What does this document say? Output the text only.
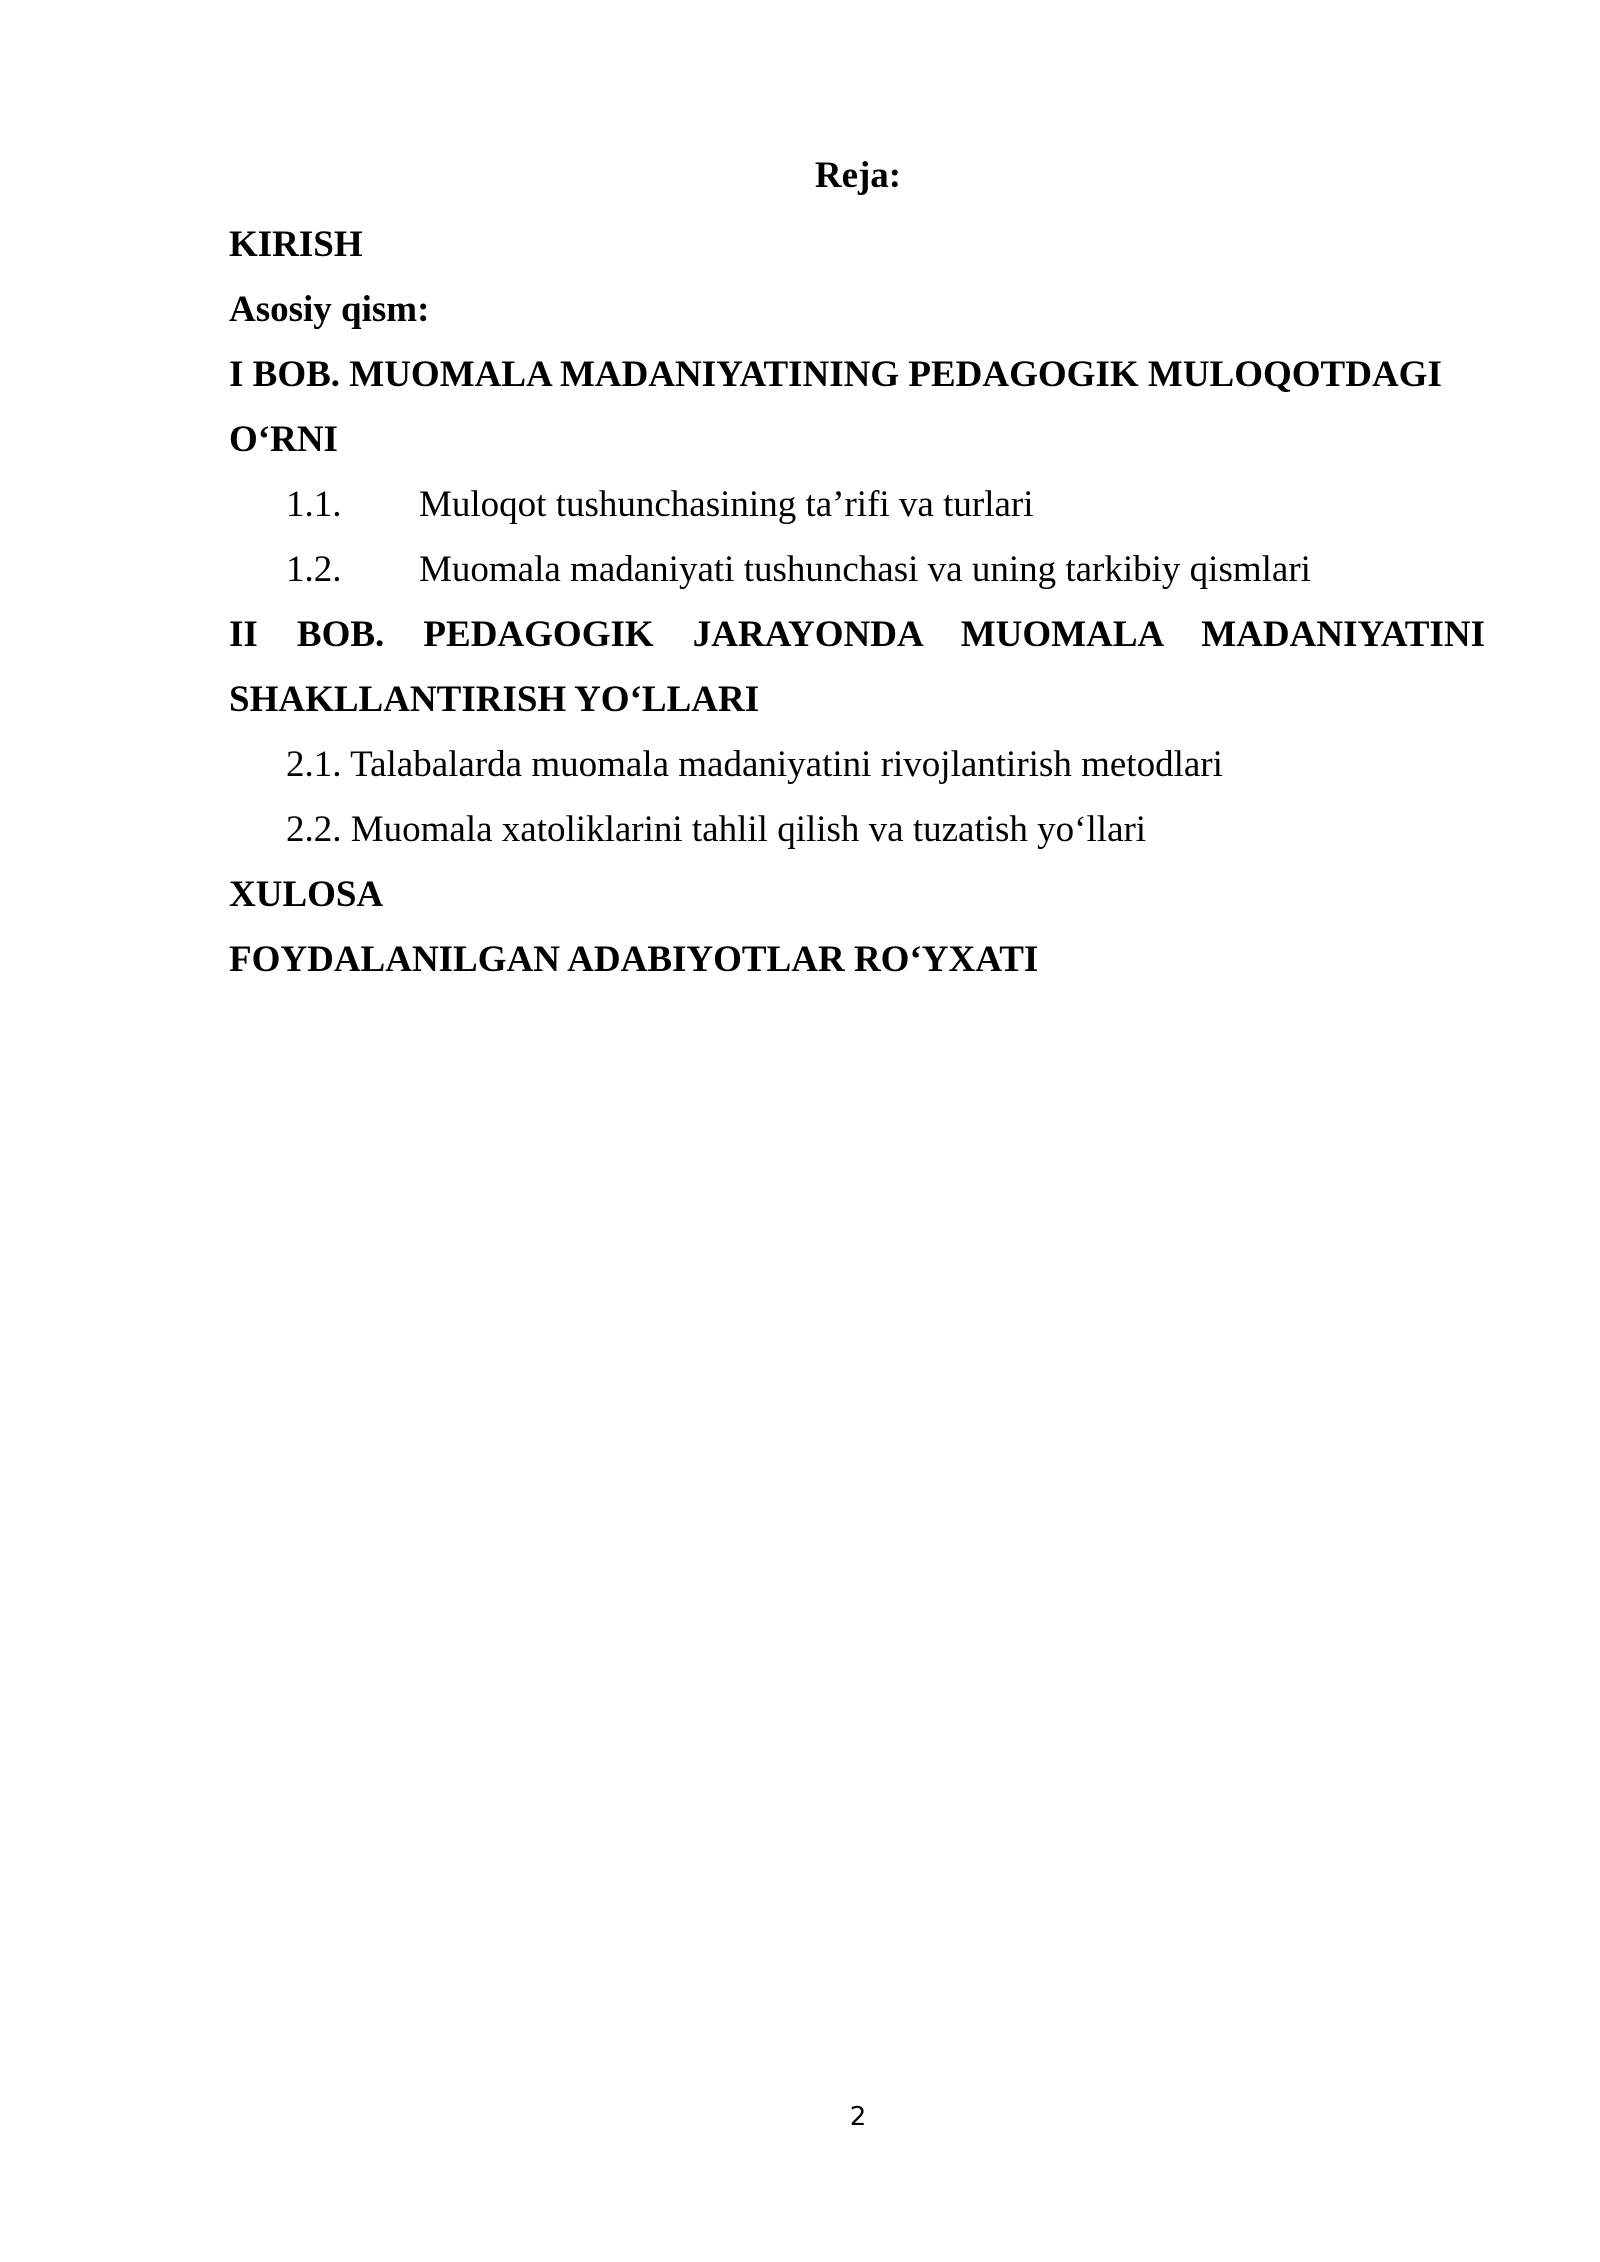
Reja:
KIRISH
Asosiy qism:
I BOB. MUOMALA MADANIYATINING PEDAGOGIK MULOQOTDAGI
O‘RNI
1.1. Muloqot tushunchasining ta’rifi va turlari
1.2. Muomala madaniyati tushunchasi va uning tarkibiy qismlari
II BOB. PEDAGOGIK JARAYONDA MUOMALA MADANIYATINI
SHAKLLANTIRISH YO‘LLARI
2.1. Talabalarda muomala madaniyatini rivojlantirish metodlari
2.2. Muomala xatoliklarini tahlil qilish va tuzatish yo‘llari
XULOSA
FOYDALANILGAN ADABIYOTLAR RO‘YXATI
2
